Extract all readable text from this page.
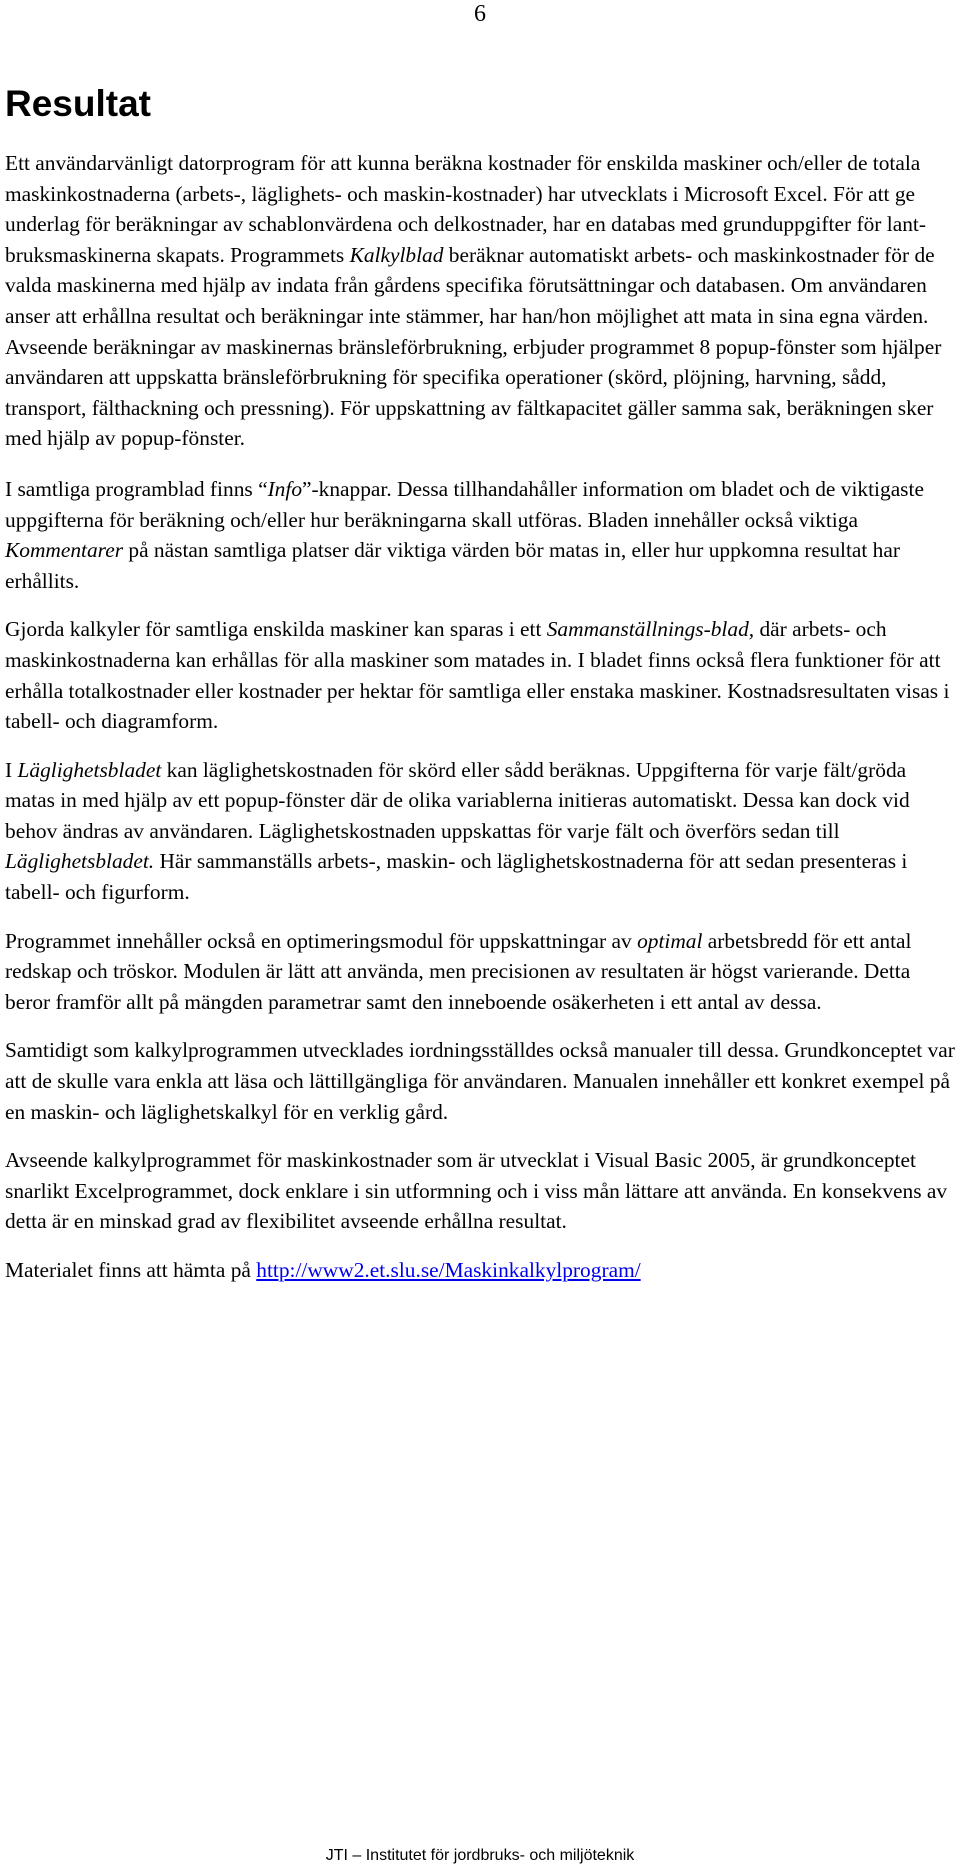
6
Resultat

Ett användarvänligt datorprogram för att kunna beräkna kostnader för enskilda maskiner och/eller de totala maskinkostnaderna (arbets-, läglighets- och maskin-kostnader) har utvecklats i Microsoft Excel. För att ge underlag för beräkningar av schablonvärdena och delkostnader, har en databas med grunduppgifter för lant-bruksmaskinerna skapats. Programmets Kalkylblad beräknar automatiskt arbets- och maskinkostnader för de valda maskinerna med hjälp av indata från gårdens specifika förutsättningar och databasen. Om användaren anser att erhållna resultat och beräkningar inte stämmer, har han/hon möjlighet att mata in sina egna värden. Avseende beräkningar av maskinernas bränsleförbrukning, erbjuder programmet 8 popup-fönster som hjälper användaren att uppskatta bränsleförbrukning för specifika operationer (skörd, plöjning, harvning, sådd, transport, fälthackning och pressning). För uppskattning av fältkapacitet gäller samma sak, beräkningen sker med hjälp av popup-fönster.

I samtliga programblad finns “Info”-knappar. Dessa tillhandahåller information om bladet och de viktigaste uppgifterna för beräkning och/eller hur beräkningarna skall utföras. Bladen innehåller också viktiga Kommentarer på nästan samtliga platser där viktiga värden bör matas in, eller hur uppkomna resultat har erhållits.

Gjorda kalkyler för samtliga enskilda maskiner kan sparas i ett Sammanställnings-blad, där arbets- och maskinkostnaderna kan erhållas för alla maskiner som matades in. I bladet finns också flera funktioner för att erhålla totalkostnader eller kostnader per hektar för samtliga eller enstaka maskiner. Kostnadsresultaten visas i tabell- och diagramform.

I Läglighetsbladet kan läglighetskostnaden för skörd eller sådd beräknas. Uppgifterna för varje fält/gröda matas in med hjälp av ett popup-fönster där de olika variablerna initieras automatiskt. Dessa kan dock vid behov ändras av användaren. Läglighetskostnaden uppskattas för varje fält och överförs sedan till Läglighetsbladet. Här sammanställs arbets-, maskin- och läglighetskostnaderna för att sedan presenteras i tabell- och figurform.

Programmet innehåller också en optimeringsmodul för uppskattningar av optimal arbetsbredd för ett antal redskap och tröskor. Modulen är lätt att använda, men precisionen av resultaten är högst varierande. Detta beror framför allt på mängden parametrar samt den inneboende osäkerheten i ett antal av dessa.

Samtidigt som kalkylprogrammen utvecklades iordningsställdes också manualer till dessa. Grundkonceptet var att de skulle vara enkla att läsa och lättillgängliga för användaren. Manualen innehåller ett konkret exempel på en maskin- och läglighetskalkyl för en verklig gård.

Avseende kalkylprogrammet för maskinkostnader som är utvecklat i Visual Basic 2005, är grundkonceptet snarlikt Excelprogrammet, dock enklare i sin utformning och i viss mån lättare att använda. En konsekvens av detta är en minskad grad av flexibilitet avseende erhållna resultat.

Materialet finns att hämta på http://www2.et.slu.se/Maskinkalkylprogram/

JTI – Institutet för jordbruks- och miljöteknik
